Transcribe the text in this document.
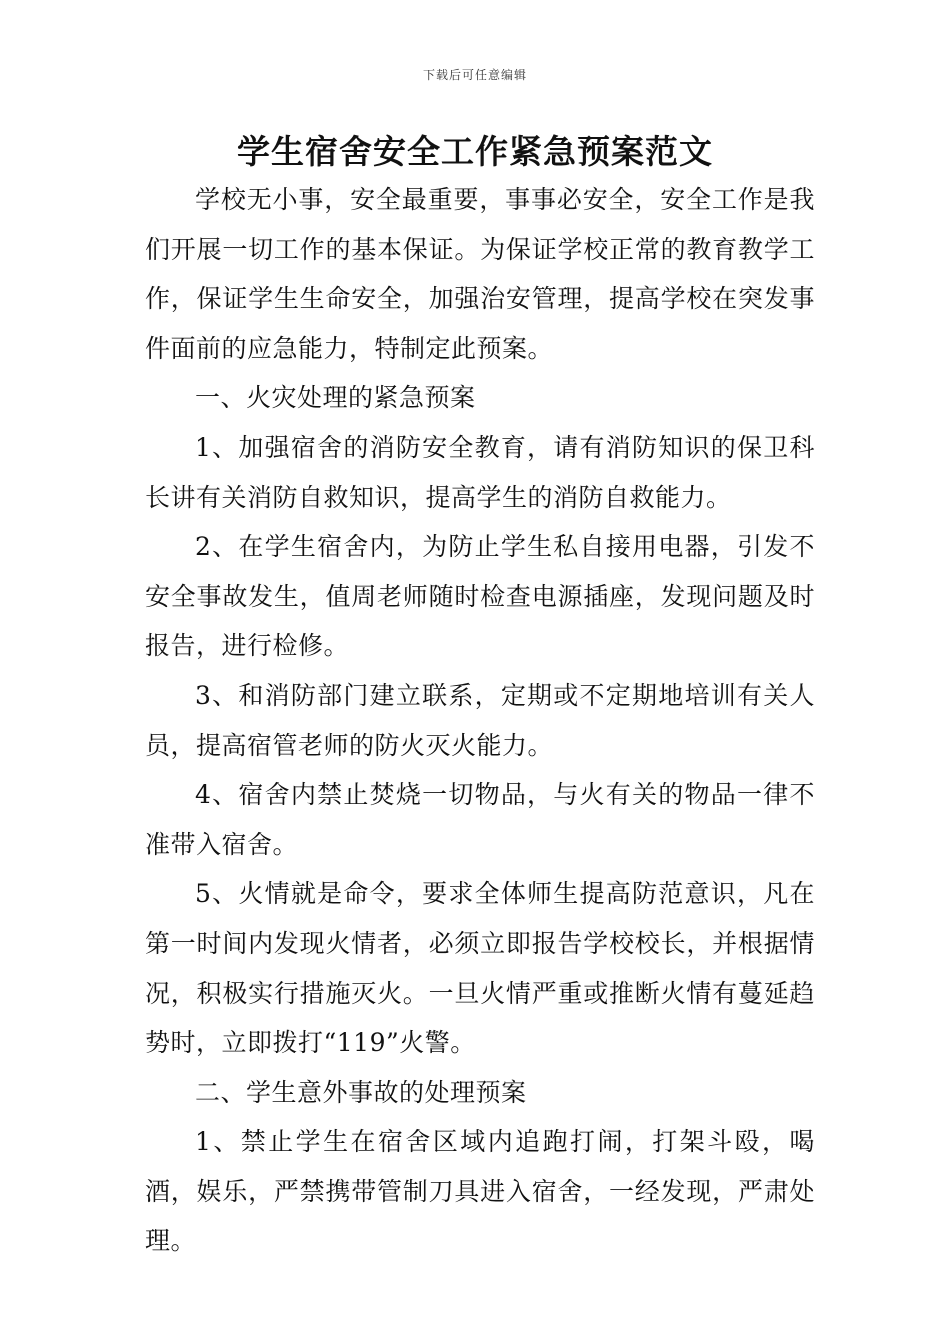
下载后可任意编辑
学生宿舍安全工作紧急预案范文

学校无小事，安全最重要，事事必安全，安全工作是我们开展一切工作的基本保证。为保证学校正常的教育教学工作，保证学生生命安全，加强治安管理，提高学校在突发事件面前的应急能力，特制定此预案。

一、火灾处理的紧急预案

1、加强宿舍的消防安全教育，请有消防知识的保卫科长讲有关消防自救知识，提高学生的消防自救能力。

2、在学生宿舍内，为防止学生私自接用电器，引发不安全事故发生，值周老师随时检查电源插座，发现问题及时报告，进行检修。

3、和消防部门建立联系，定期或不定期地培训有关人员，提高宿管老师的防火灭火能力。

4、宿舍内禁止焚烧一切物品，与火有关的物品一律不准带入宿舍。

5、火情就是命令，要求全体师生提高防范意识，凡在第一时间内发现火情者，必须立即报告学校校长，并根据情况，积极实行措施灭火。一旦火情严重或推断火情有蔓延趋势时，立即拨打“119”火警。

二、学生意外事故的处理预案

1、禁止学生在宿舍区域内追跑打闹，打架斗殴，喝酒，娱乐，严禁携带管制刀具进入宿舍，一经发现，严肃处理。
